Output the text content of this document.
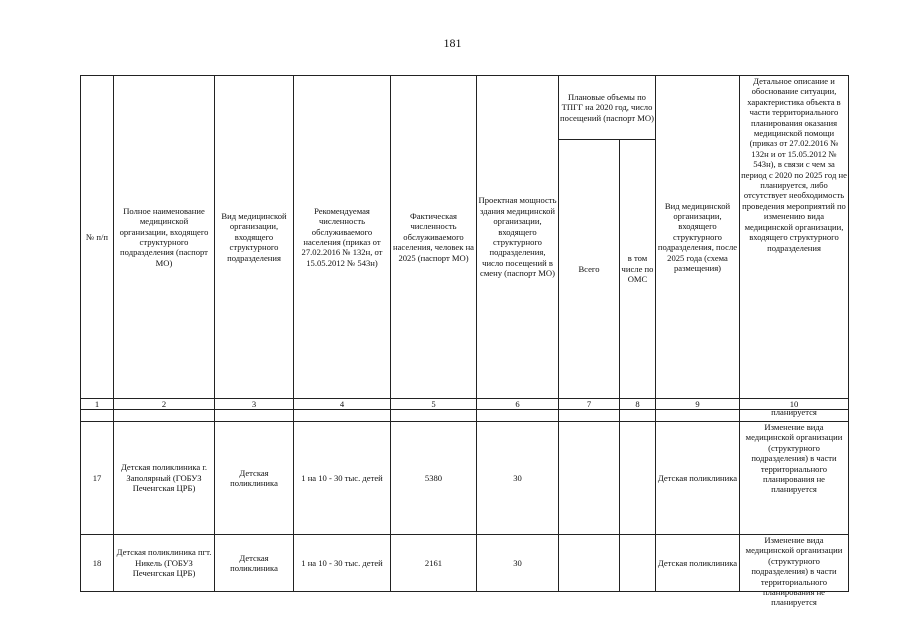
181
№ п/п	Полное наименование медицинской организации, входящего структурного подразделения (паспорт МО)	Вид медицинской организации, входящего структурного подразделения	Рекомендуемая численность обслуживаемого населения (приказ от 27.02.2016 № 132н, от 15.05.2012 № 543н)	Фактическая численность обслуживаемого населения, человек на 2025 (паспорт МО)	Проектная мощность здания медицинской организации, входящего структурного подразделения, число посещений в смену (паспорт МО)	Плановые объемы по ТПГГ на 2020 год, число посещений (паспорт МО)		Вид медицинской организации, входящего структурного подразделения, после 2025 года (схема размещения)	Детальное описание и обоснование ситуации, характеристика объекта в части территориального планирования оказания медицинской помощи (приказ от 27.02.2016 № 132н и от 15.05.2012 № 543н), в связи с чем за период с 2020 по 2025 год не планируется, либо отсутствует необходимость проведения мероприятий по изменению вида медицинской организации, входящего структурного подразделения

						Всего	в том числе по ОМС		
1	2	3	4	5	6	7	8	9	10

									планируется

17	Детская поликлиника г. Заполярный (ГОБУЗ Печенгская ЦРБ)	Детская поликлиника	1 на 10 - 30 тыс. детей	5380	30			Детская поликлиника	Изменение вида медицинской организации (структурного подразделения) в части территориального планирования не планируется

18	Детская поликлиника пгт. Никель (ГОБУЗ Печенгская ЦРБ)	Детская поликлиника	1 на 10 - 30 тыс. детей	2161	30			Детская поликлиника	Изменение вида медицинской организации (структурного подразделения) в части территориального планирования не планируется
